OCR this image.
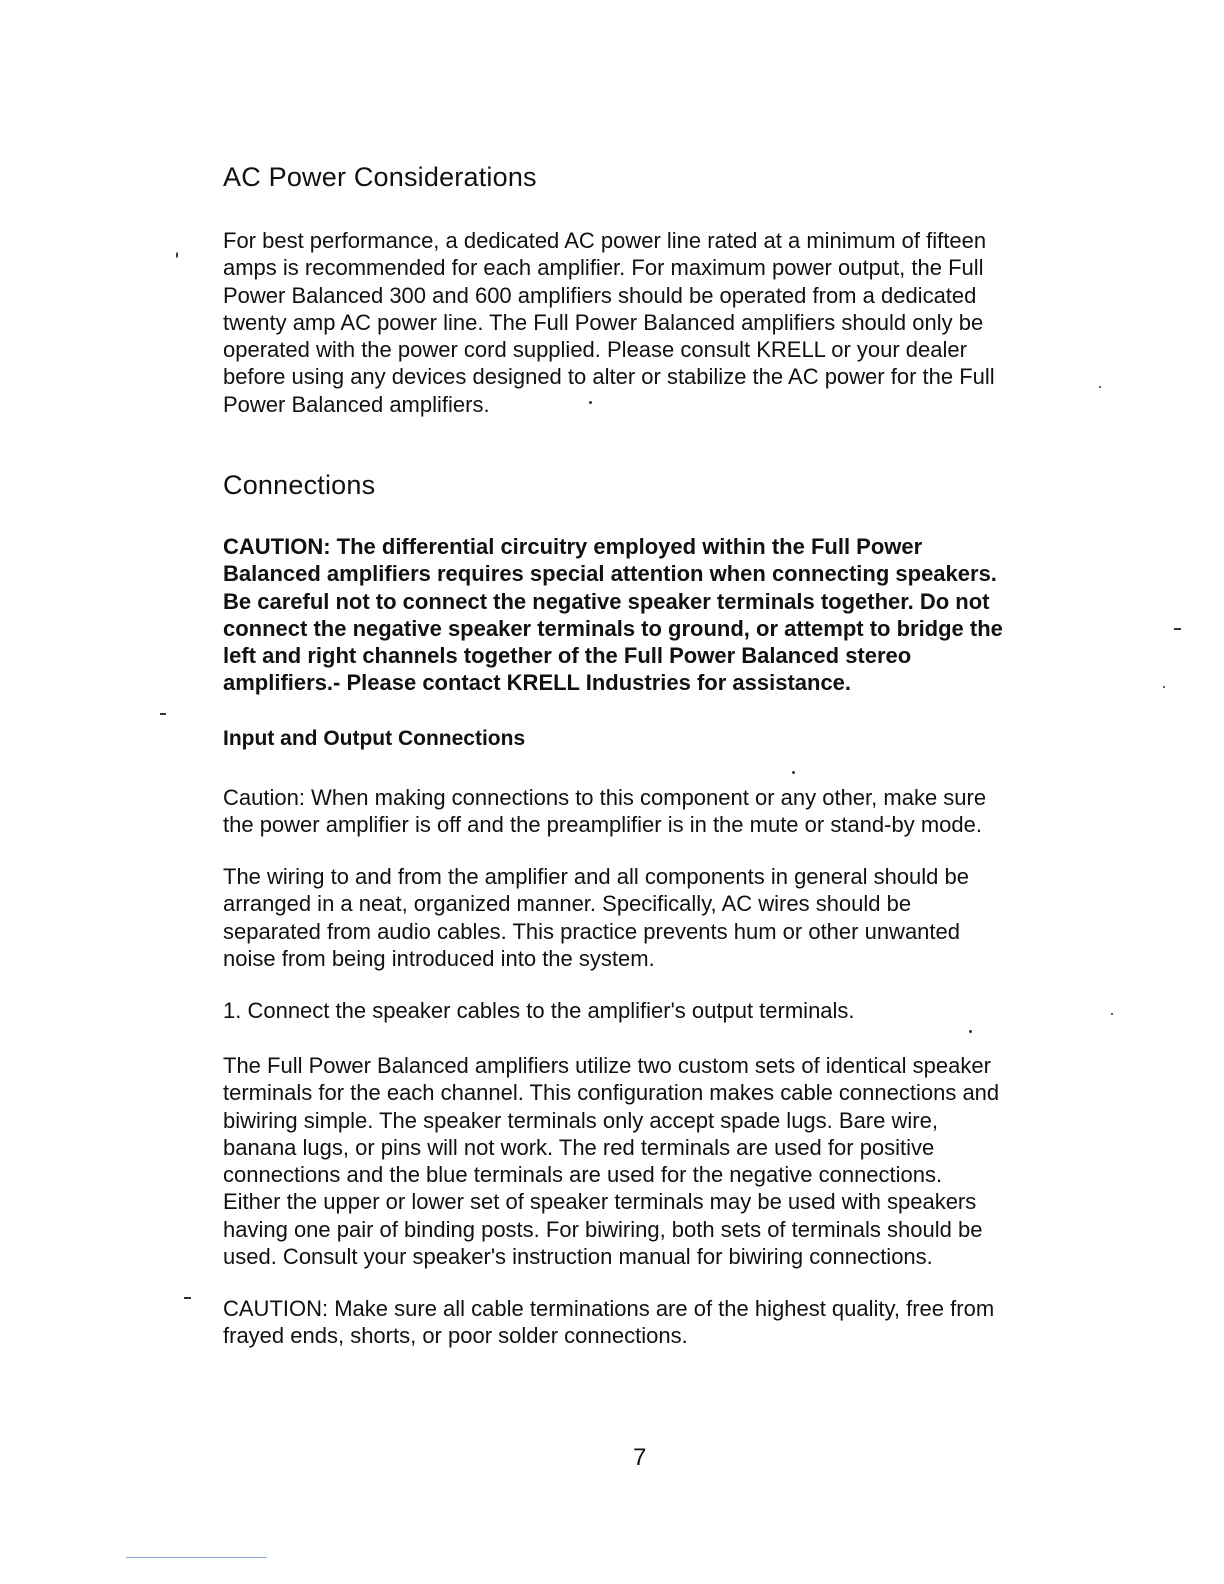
AC Power Considerations

For best performance, a dedicated AC power line rated at a minimum of fifteen
amps is recommended for each amplifier. For maximum power output, the Full
Power Balanced 300 and 600 amplifiers should be operated from a dedicated
twenty amp AC power line. The Full Power Balanced amplifiers should only be
operated with the power cord supplied. Please consult KRELL or your dealer
before using any devices designed to alter or stabilize the AC power for the Full
Power Balanced amplifiers.

Connections

CAUTION: The differential circuitry employed within the Full Power
Balanced amplifiers requires special attention when connecting speakers.
Be careful not to connect the negative speaker terminals together. Do not
connect the negative speaker terminals to ground, or attempt to bridge the
left and right channels together of the Full Power Balanced stereo
amplifiers.- Please contact KRELL Industries for assistance.

Input and Output Connections

Caution: When making connections to this component or any other, make sure
the power amplifier is off and the preamplifier is in the mute or stand-by mode.

The wiring to and from the amplifier and all components in general should be
arranged in a neat, organized manner. Specifically, AC wires should be
separated from audio cables. This practice prevents hum or other unwanted
noise from being introduced into the system.

1. Connect the speaker cables to the amplifier's output terminals.

The Full Power Balanced amplifiers utilize two custom sets of identical speaker
terminals for the each channel. This configuration makes cable connections and
biwiring simple. The speaker terminals only accept spade lugs. Bare wire,
banana lugs, or pins will not work. The red terminals are used for positive
connections and the blue terminals are used for the negative connections.
Either the upper or lower set of speaker terminals may be used with speakers
having one pair of binding posts. For biwiring, both sets of terminals should be
used. Consult your speaker's instruction manual for biwiring connections.

CAUTION: Make sure all cable terminations are of the highest quality, free from
frayed ends, shorts, or poor solder connections.

7
